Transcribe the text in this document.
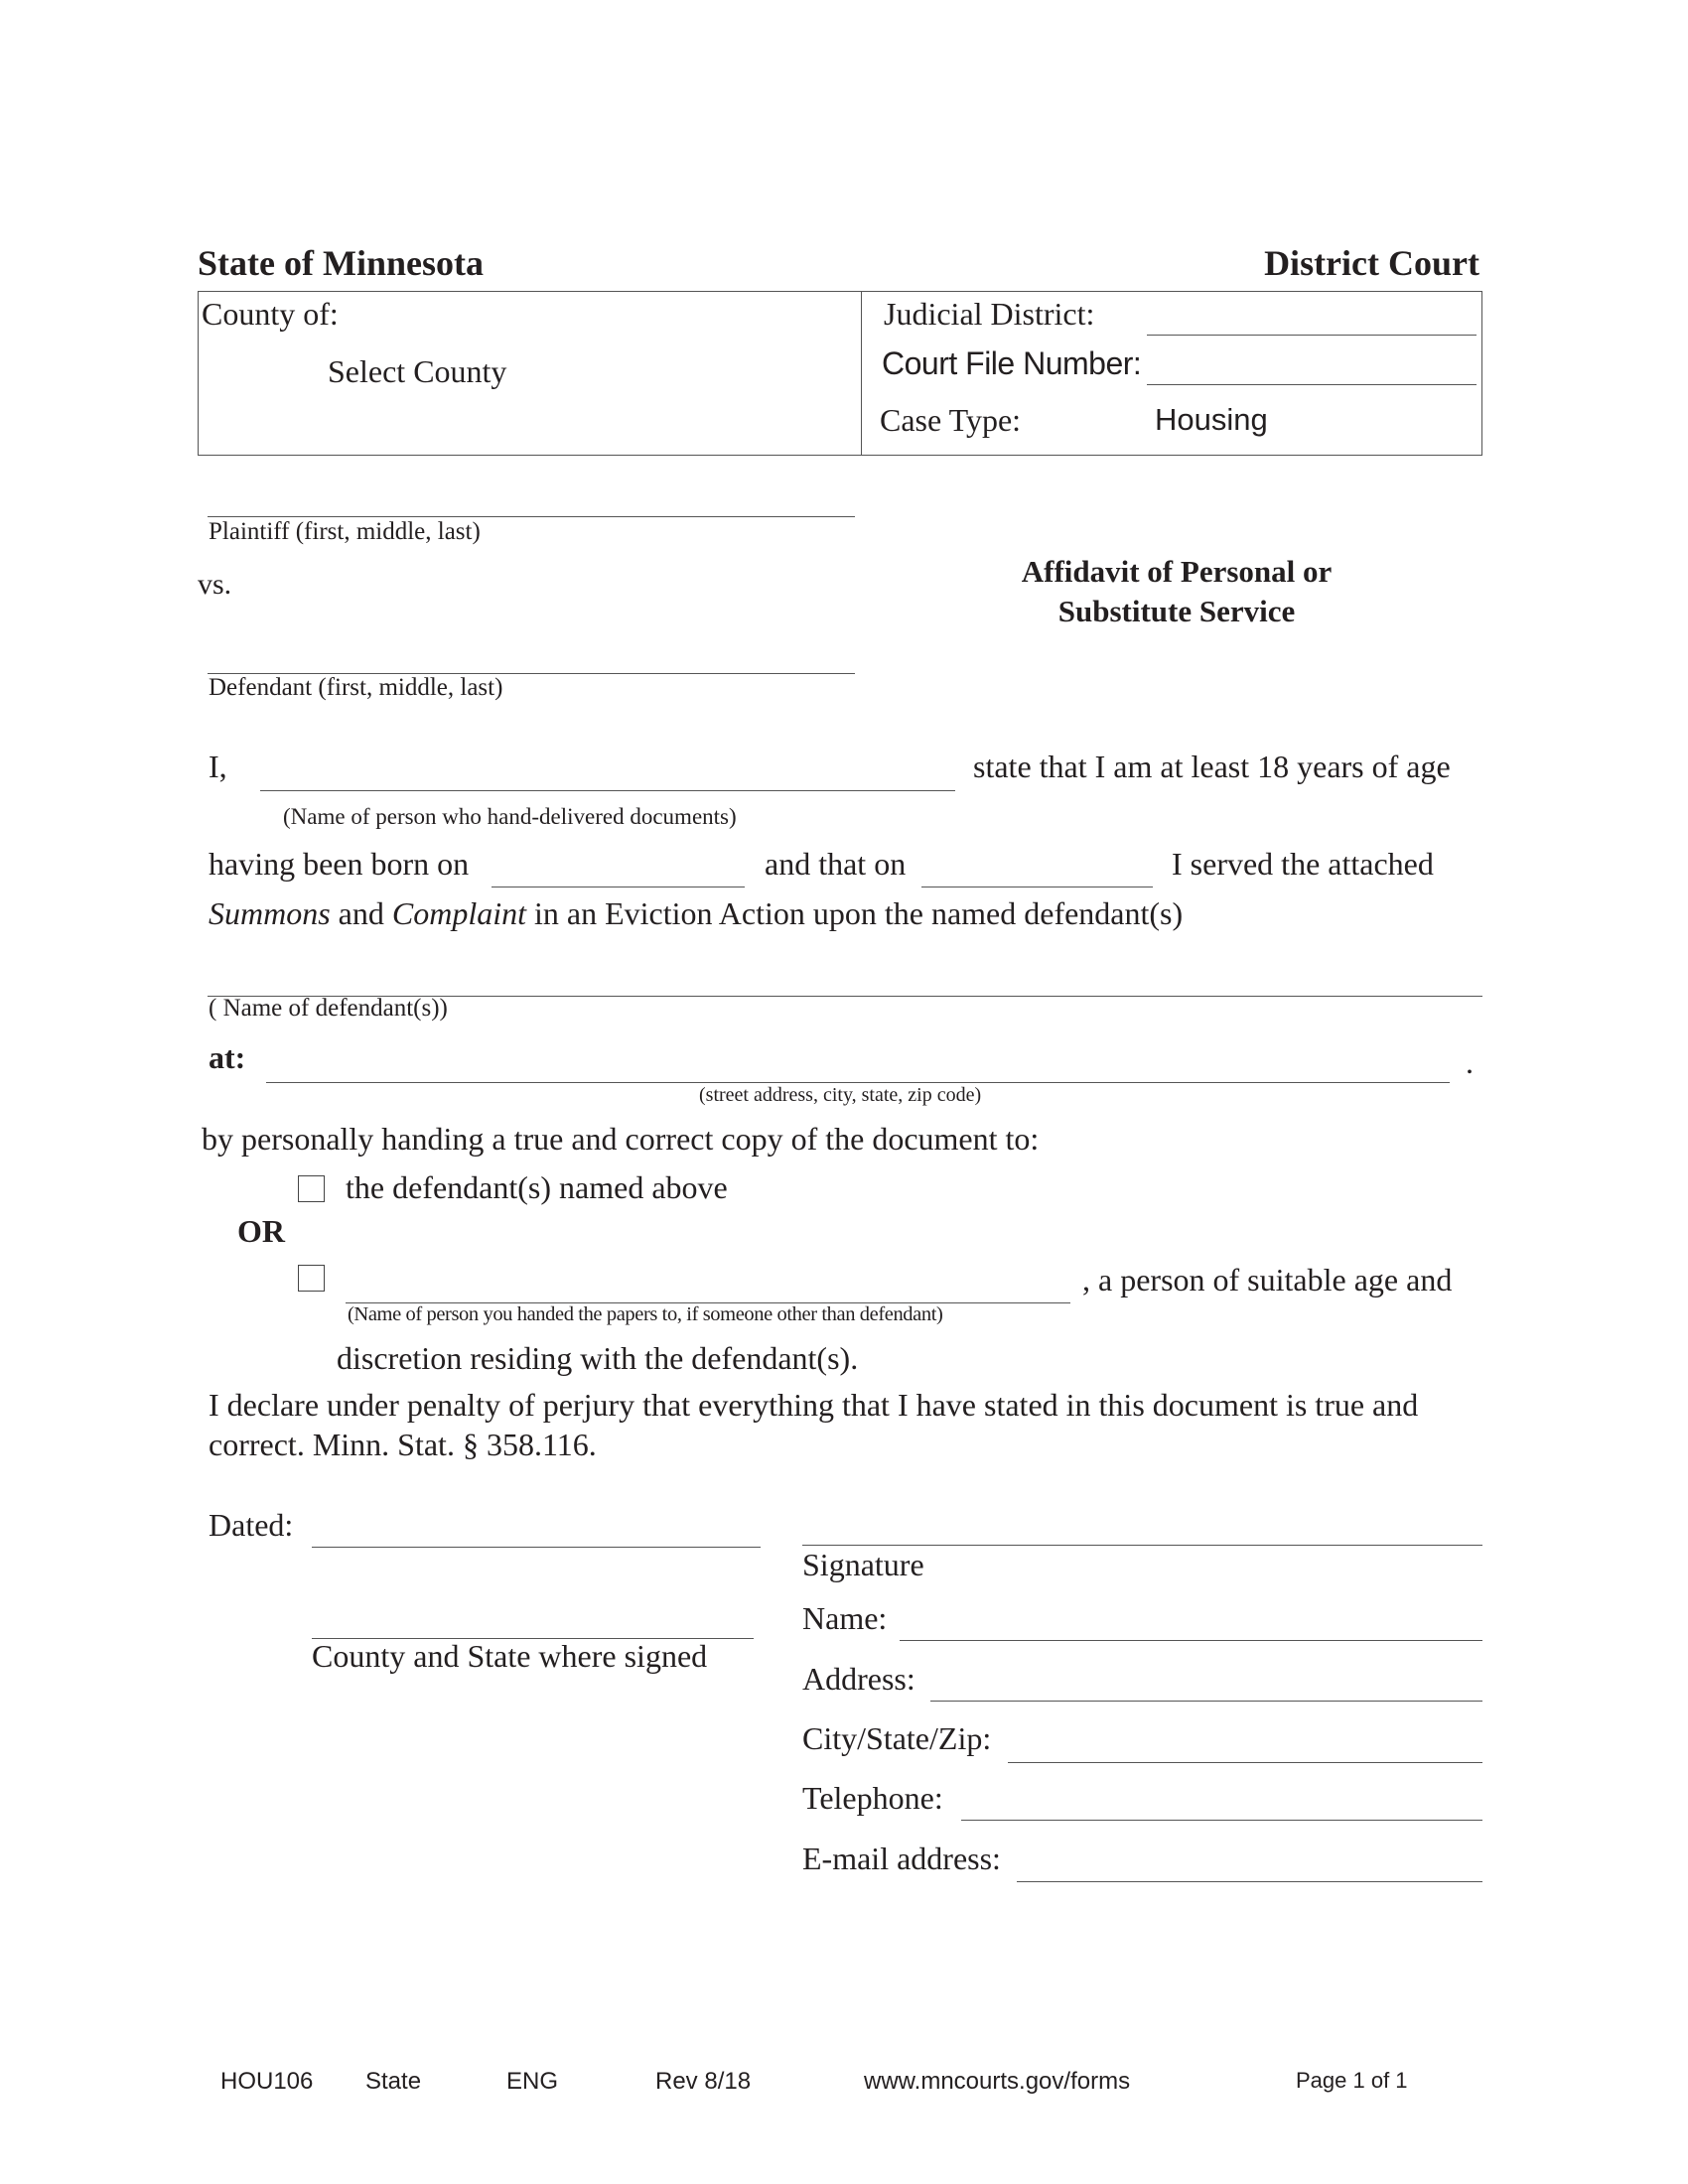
State of Minnesota	District Court
County of:
Select County
Judicial District:
Court File Number:
Case Type:	Housing
Plaintiff (first, middle, last)
vs.
Defendant (first, middle, last)
Affidavit of Personal or
Substitute Service
I,	state that I am at least 18 years of age
(Name of person who hand-delivered documents)
having been born on	and that on	I served the attached
Summons and Complaint in an Eviction Action upon the named defendant(s)
( Name of defendant(s))
at:	.
(street address, city, state, zip code)
by personally handing a true and correct copy of the document to:
the defendant(s) named above
OR
, a person of suitable age and
(Name of person you handed the papers to, if someone other than defendant)
discretion residing with the defendant(s).
I declare under penalty of perjury that everything that I have stated in this document is true and
correct. Minn. Stat. § 358.116.
Dated:
County and State where signed
Signature
Name:
Address:
City/State/Zip:
Telephone:
E-mail address:
HOU106 State	ENG	Rev 8/18	www.mncourts.gov/forms	Page 1 of 1
